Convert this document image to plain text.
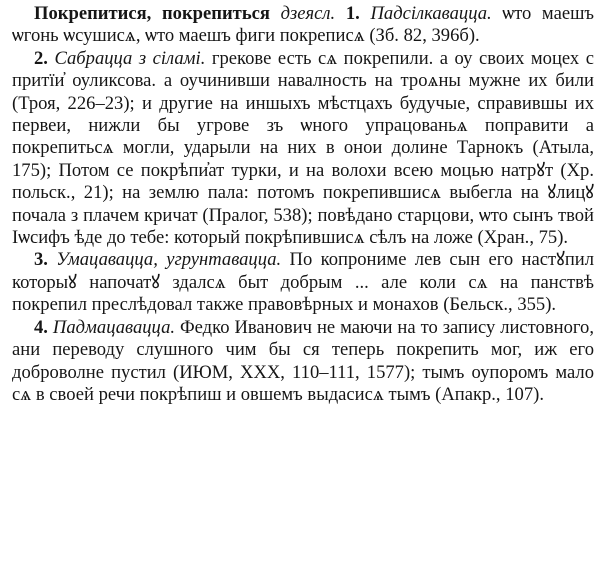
Покрепитися, покрепиться дзеясл. 1. Падсілкавацца. ѡто маешъ ѡгонь ѡсушисѧ, ѡто маешъ фиги покреписѧ (Зб. 82, 396б).

2. Сабрацца з сіламі. грекове есть сѧ покрепили. а оу своих моцех с притїи҆ оуликсова. а оучинивши навалность на троѧны мужне их били (Троя, 226–23); и другие на иншыхъ мѣстцахъ будучые, справившы их первеи, нижли бы угрове зъ ѡного упрацованьѧ поправити а покрепитьсѧ могли, ударыли на них в онои долине Тарнокъ (Атыла, 175); Потом се покрѣпи҆ат турки, и на волохи всею моцью натрꙋт (Хр. польск., 21); на землю пала: потомъ покрепившисѧ выбегла на ꙋлицꙋ почала з плачем кричат (Пралог, 538); повѣдано старцови, ѡто сынъ твой Іѡсифъ ѣде до тебе: который покрѣпившисѧ сѣлъ на ложе (Хран., 75).

3. Умацавацца, угрунтавацца. По копрониме лев сын его настꙋпил которыꙋ напочатꙋ здалсѧ быт добрым ... але коли сѧ на панствѣ покрепил преслѣдовал также правовѣрных и монахов (Бельск., 355).

4. Падмацавацца. Федко Иванович не маючи на то запису листовного, ани переводу слушного чим бы ся теперь покрепить мог, иж его доброволне пустил (ИЮМ, XXX, 110–111, 1577); тымъ оупоромъ мало сѧ в своей речи покрѣпиш и овшемъ выдасисѧ тымъ (Апакр., 107).
